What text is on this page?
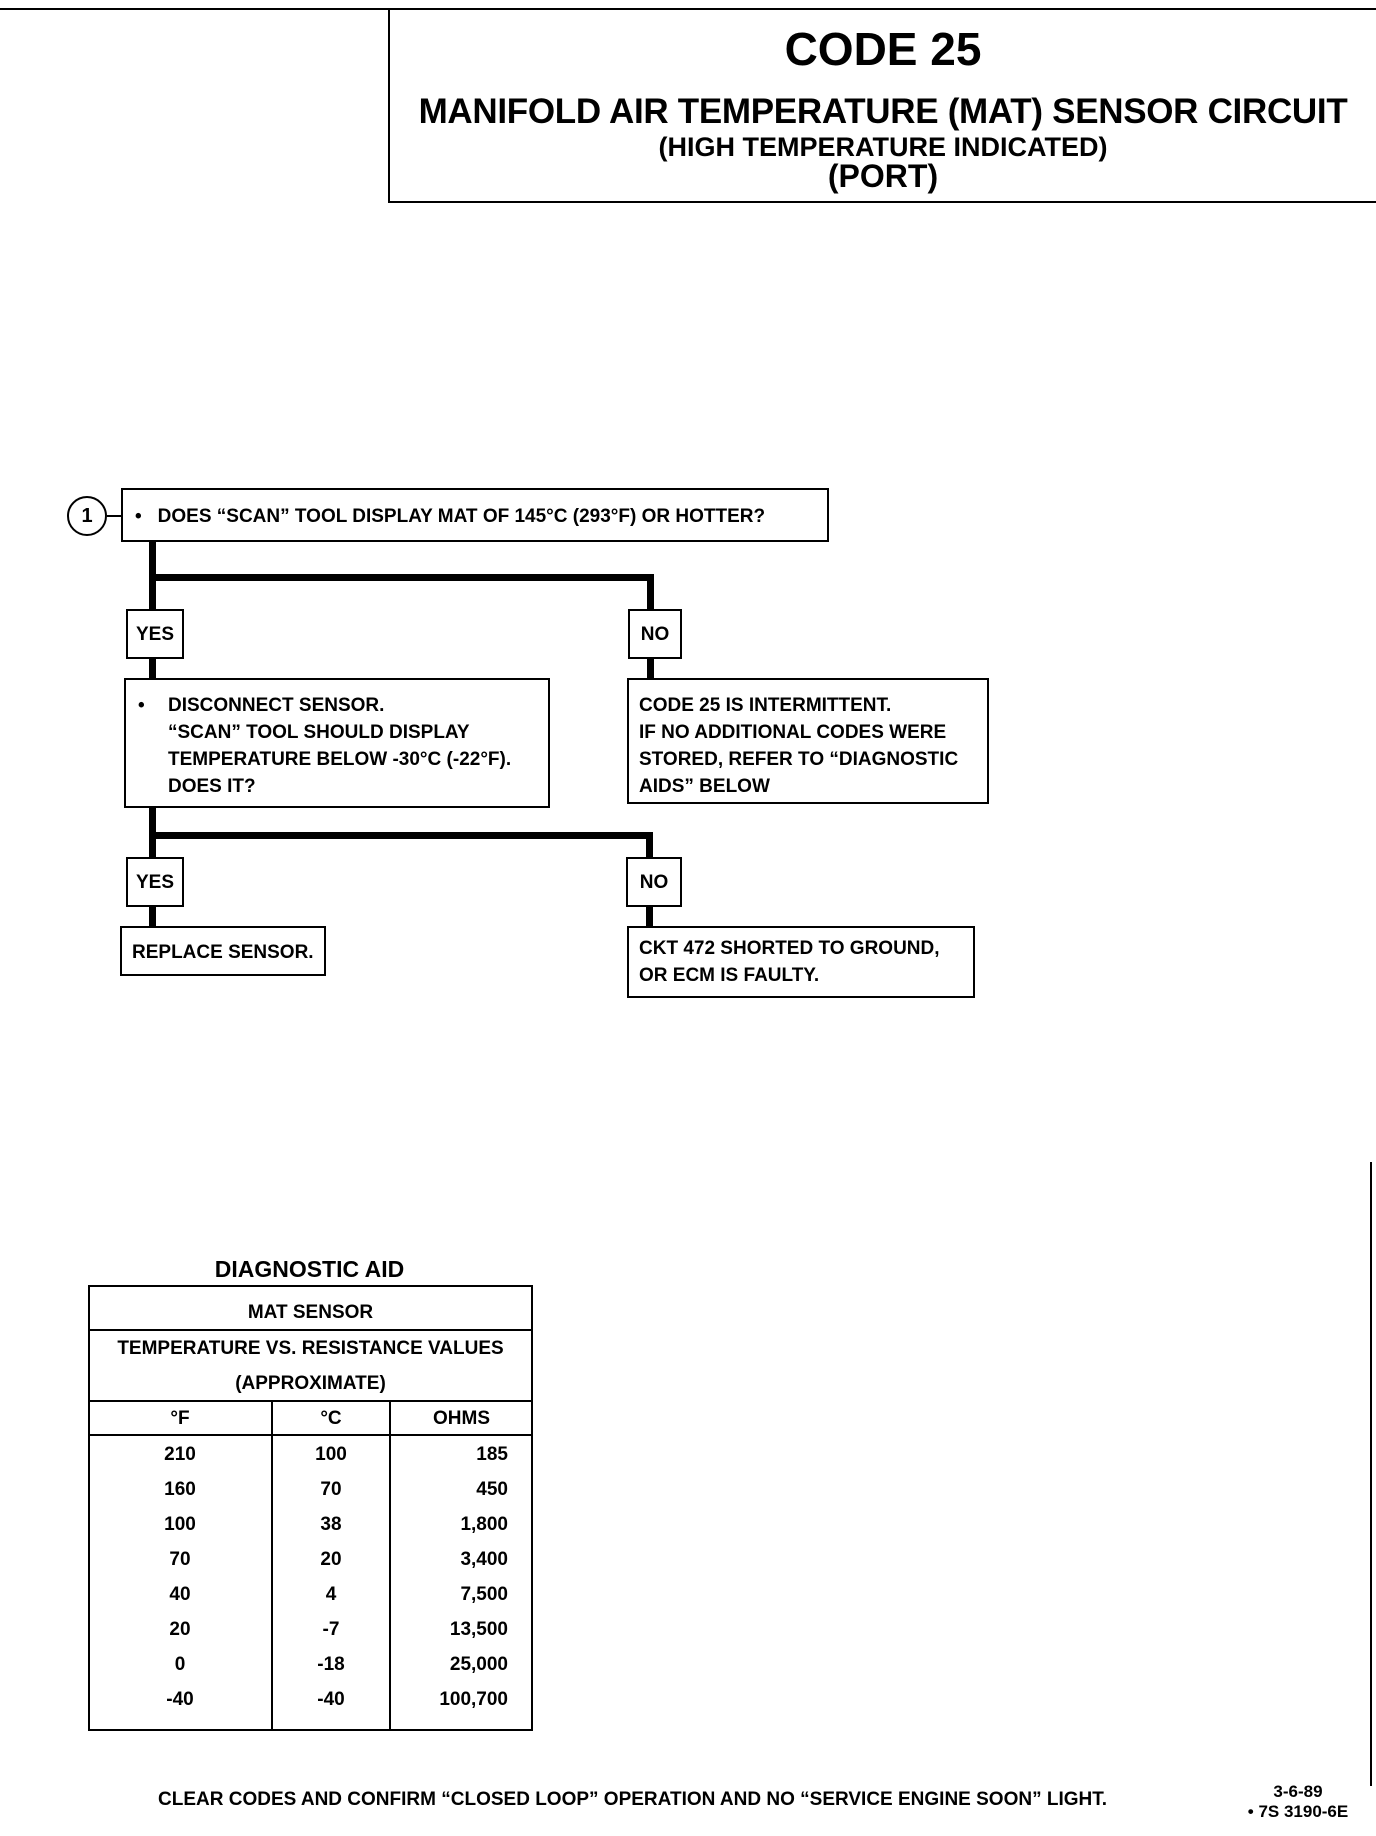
CODE 25
MANIFOLD AIR TEMPERATURE (MAT) SENSOR CIRCUIT
(HIGH TEMPERATURE INDICATED)
(PORT)
1	• DOES “SCAN” TOOL DISPLAY MAT OF 145°C (293°F) OR HOTTER?
YES	NO
• DISCONNECT SENSOR.
“SCAN” TOOL SHOULD DISPLAY
TEMPERATURE BELOW -30°C (-22°F).
DOES IT?
CODE 25 IS INTERMITTENT.
IF NO ADDITIONAL CODES WERE
STORED, REFER TO “DIAGNOSTIC
AIDS” BELOW
YES	NO
REPLACE SENSOR.	CKT 472 SHORTED TO GROUND,
OR ECM IS FAULTY.
DIAGNOSTIC AID
MAT SENSOR
TEMPERATURE VS. RESISTANCE VALUES
(APPROXIMATE)
°F	°C	OHMS
210	100	185
160	70	450
100	38	1,800
70	20	3,400
40	4	7,500
20	-7	13,500
0	-18	25,000
-40	-40	100,700
CLEAR CODES AND CONFIRM “CLOSED LOOP” OPERATION AND NO “SERVICE ENGINE SOON” LIGHT.	3-6-89
• 7S 3190-6E
